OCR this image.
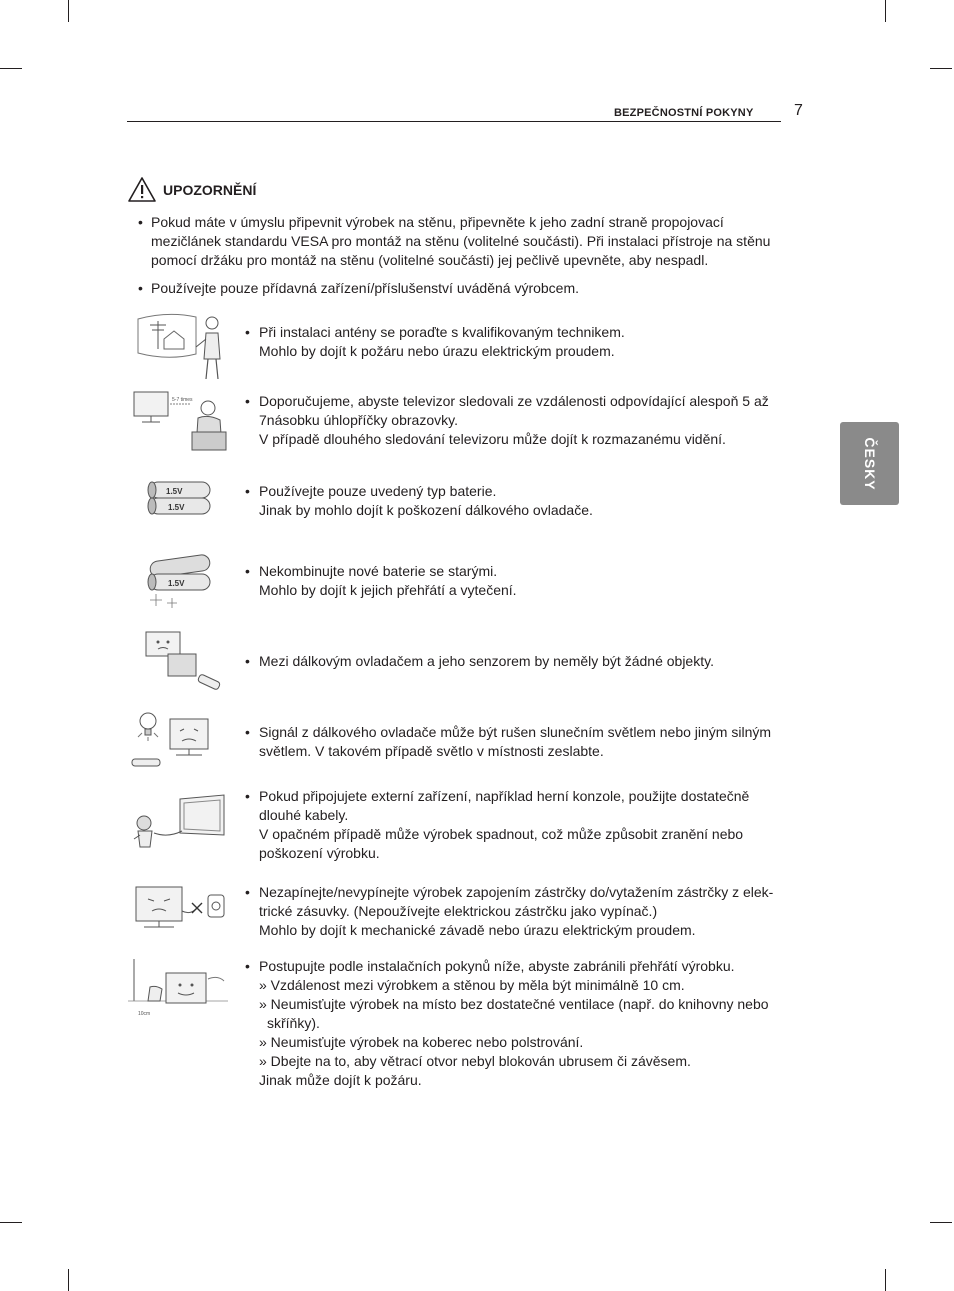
BEZPEČNOSTNÍ POKYNY	7
ČESKY
UPOZORNĚNÍ
• Pokud máte v úmyslu připevnit výrobek na stěnu, připevněte k jeho zadní straně propojovací mezičlánek standardu VESA pro montáž na stěnu (volitelné součásti). Při instalaci přístroje na stěnu pomocí držáku pro montáž na stěnu (volitelné součásti) jej pečlivě upevněte, aby nespadl.
• Používejte pouze přídavná zařízení/příslušenství uváděná výrobcem.
• Při instalaci antény se poraďte s kvalifikovaným technikem.
Mohlo by dojít k požáru nebo úrazu elektrickým proudem.
5-7 times	• Doporučujeme, abyste televizor sledovali ze vzdálenosti odpovídající alespoň 5 až 7násobku úhlopříčky obrazovky.
V případě dlouhého sledování televizoru může dojít k rozmazanému vidění.
1.5V
1.5V
• Používejte pouze uvedený typ baterie.
Jinak by mohlo dojít k poškození dálkového ovladače.
1.5V
• Nekombinujte nové baterie se starými.
Mohlo by dojít k jejich přehřátí a vytečení.
• Mezi dálkovým ovladačem a jeho senzorem by neměly být žádné objekty.
• Signál z dálkového ovladače může být rušen slunečním světlem nebo jiným silným světlem. V takovém případě světlo v místnosti zeslabte.
• Pokud připojujete externí zařízení, například herní konzole, použijte dostatečně dlouhé kabely.
V opačném případě může výrobek spadnout, což může způsobit zranění nebo poškození výrobku.
• Nezapínejte/nevypínejte výrobek zapojením zástrčky do/vytažením zástrčky z elek-trické zásuvky. (Nepoužívejte elektrickou zástrčku jako vypínač.)
Mohlo by dojít k mechanické závadě nebo úrazu elektrickým proudem.
10cm
• Postupujte podle instalačních pokynů níže, abyste zabránili přehřátí výrobku.
» Vzdálenost mezi výrobkem a stěnou by měla být minimálně 10 cm.
» Neumisťujte výrobek na místo bez dostatečné ventilace (např. do knihovny nebo
skříňky).
» Neumisťujte výrobek na koberec nebo polstrování.
» Dbejte na to, aby větrací otvor nebyl blokován ubrusem či závěsem.
Jinak může dojít k požáru.
